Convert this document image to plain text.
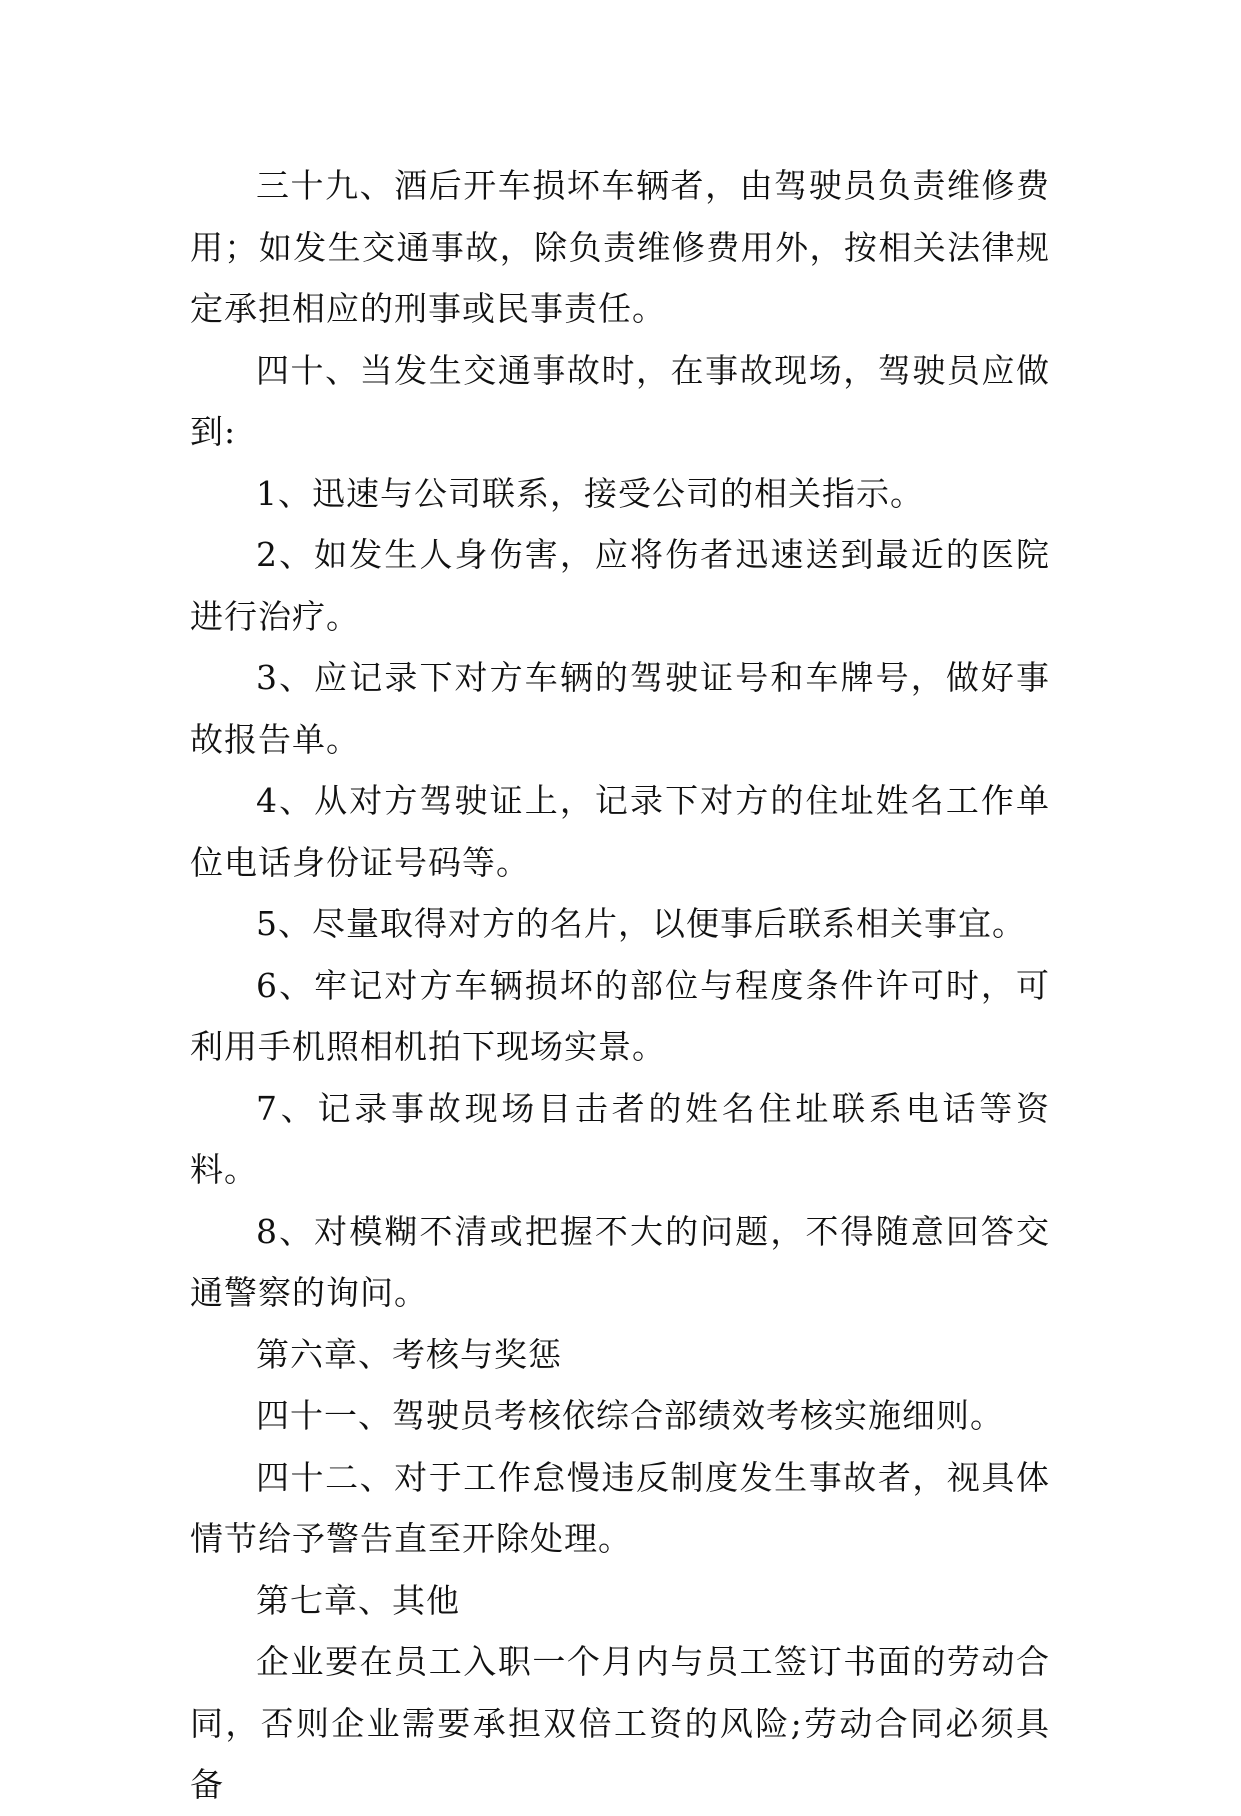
三十九、酒后开车损坏车辆者，由驾驶员负责维修费用；如发生交通事故，除负责维修费用外，按相关法律规定承担相应的刑事或民事责任。

四十、当发生交通事故时，在事故现场，驾驶员应做到:

1、迅速与公司联系，接受公司的相关指示。

2、如发生人身伤害，应将伤者迅速送到最近的医院进行治疗。

3、应记录下对方车辆的驾驶证号和车牌号，做好事故报告单。

4、从对方驾驶证上，记录下对方的住址姓名工作单位电话身份证号码等。

5、尽量取得对方的名片，以便事后联系相关事宜。

6、牢记对方车辆损坏的部位与程度条件许可时，可利用手机照相机拍下现场实景。

7、记录事故现场目击者的姓名住址联系电话等资料。

8、对模糊不清或把握不大的问题，不得随意回答交通警察的询问。

第六章、考核与奖惩

四十一、驾驶员考核依综合部绩效考核实施细则。

四十二、对于工作怠慢违反制度发生事故者，视具体情节给予警告直至开除处理。

第七章、其他

企业要在员工入职一个月内与员工签订书面的劳动合同，否则企业需要承担双倍工资的风险;劳动合同必须具备
